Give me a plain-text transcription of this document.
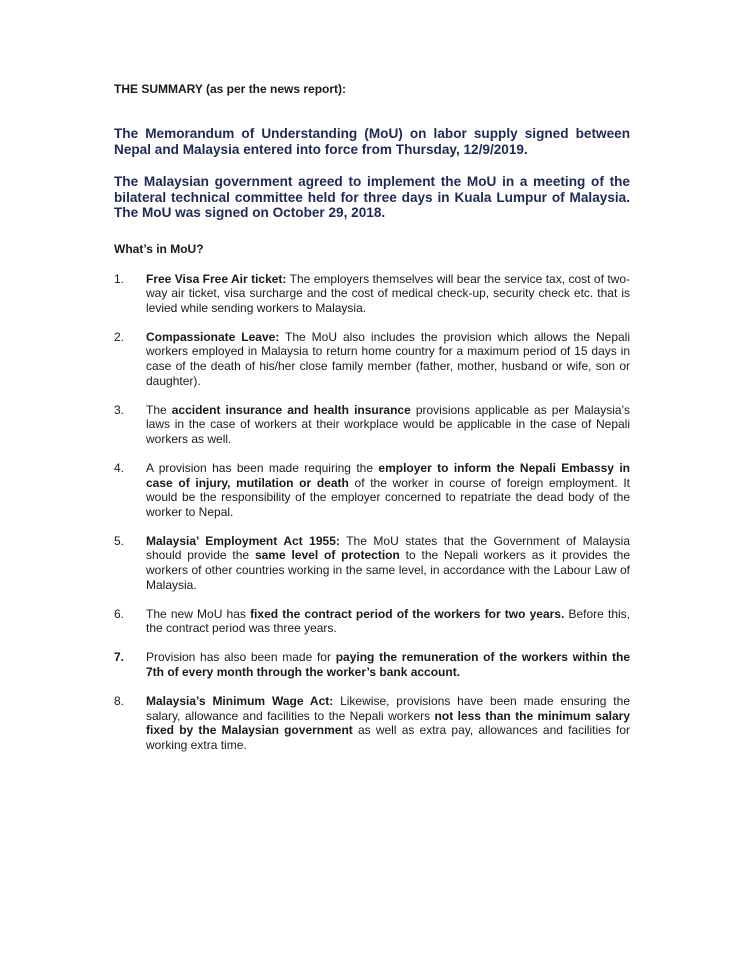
THE SUMMARY (as per the news report):

The Memorandum of Understanding (MoU) on labor supply signed between Nepal and Malaysia entered into force from Thursday, 12/9/2019.

The Malaysian government agreed to implement the MoU in a meeting of the bilateral technical committee held for three days in Kuala Lumpur of Malaysia. The MoU was signed on October 29, 2018.

What’s in MoU?

1.	Free Visa Free Air ticket: The employers themselves will bear the service tax, cost of two-way air ticket, visa surcharge and the cost of medical check-up, security check etc. that is levied while sending workers to Malaysia.
2.	Compassionate Leave: The MoU also includes the provision which allows the Nepali workers employed in Malaysia to return home country for a maximum period of 15 days in case of the death of his/her close family member (father, mother, husband or wife, son or daughter).
3.	The accident insurance and health insurance provisions applicable as per Malaysia’s laws in the case of workers at their workplace would be applicable in the case of Nepali workers as well.
4.	A provision has been made requiring the employer to inform the Nepali Embassy in case of injury, mutilation or death of the worker in course of foreign employment. It would be the responsibility of the employer concerned to repatriate the dead body of the worker to Nepal.
5.	Malaysia’ Employment Act 1955: The MoU states that the Government of Malaysia should provide the same level of protection to the Nepali workers as it provides the workers of other countries working in the same level, in accordance with the Labour Law of Malaysia.
6.	The new MoU has fixed the contract period of the workers for two years. Before this, the contract period was three years.
7.	Provision has also been made for paying the remuneration of the workers within the 7th of every month through the worker’s bank account.
8.	Malaysia’s Minimum Wage Act: Likewise, provisions have been made ensuring the salary, allowance and facilities to the Nepali workers not less than the minimum salary fixed by the Malaysian government as well as extra pay, allowances and facilities for working extra time.
